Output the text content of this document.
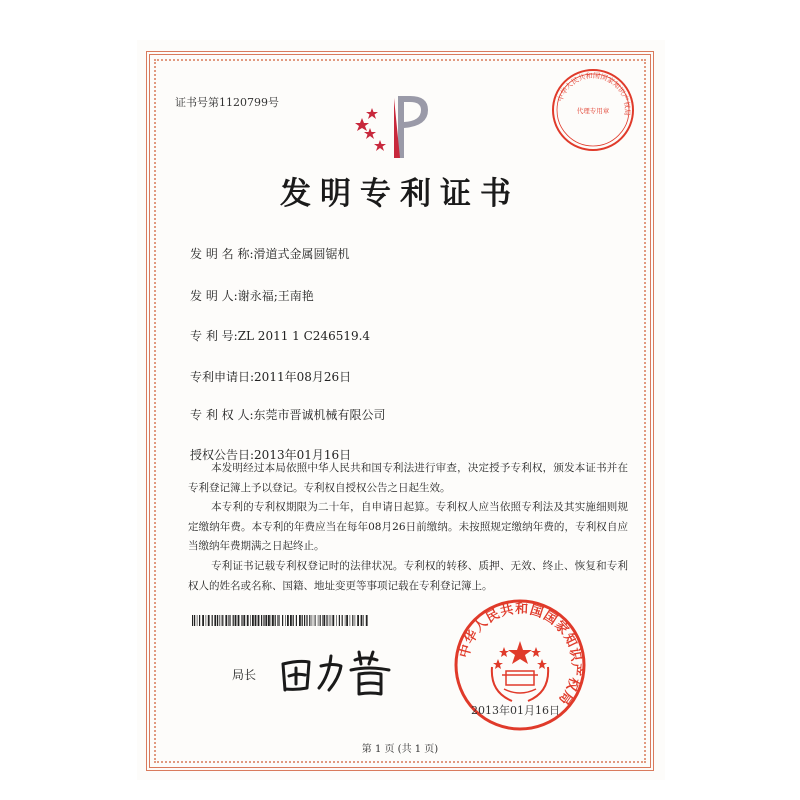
证书号第1120799号	中华人民共和国国家知识产权局
代理专用章
发明专利证书
发 明 名 称:滑道式金属圆锯机
发 明 人:谢永福;王南艳
专 利 号:ZL 2011 1 C246519.4
专利申请日:2011年08月26日
专 利 权 人:东莞市晋诚机械有限公司
授权公告日:2013年01月16日

本发明经过本局依照中华人民共和国专利法进行审查，决定授予专利权，颁发本证书并在专利登记簿上予以登记。专利权自授权公告之日起生效。

本专利的专利权期限为二十年，自申请日起算。专利权人应当依照专利法及其实施细则规定缴纳年费。本专利的年费应当在每年08月26日前缴纳。未按照规定缴纳年费的，专利权自应当缴纳年费期满之日起终止。

专利证书记载专利权登记时的法律状况。专利权的转移、质押、无效、终止、恢复和专利权人的姓名或名称、国籍、地址变更等事项记载在专利登记簿上。

局长
中华人民共和国国家知识产权局
2013年01月16日
第 1 页 (共 1 页)
